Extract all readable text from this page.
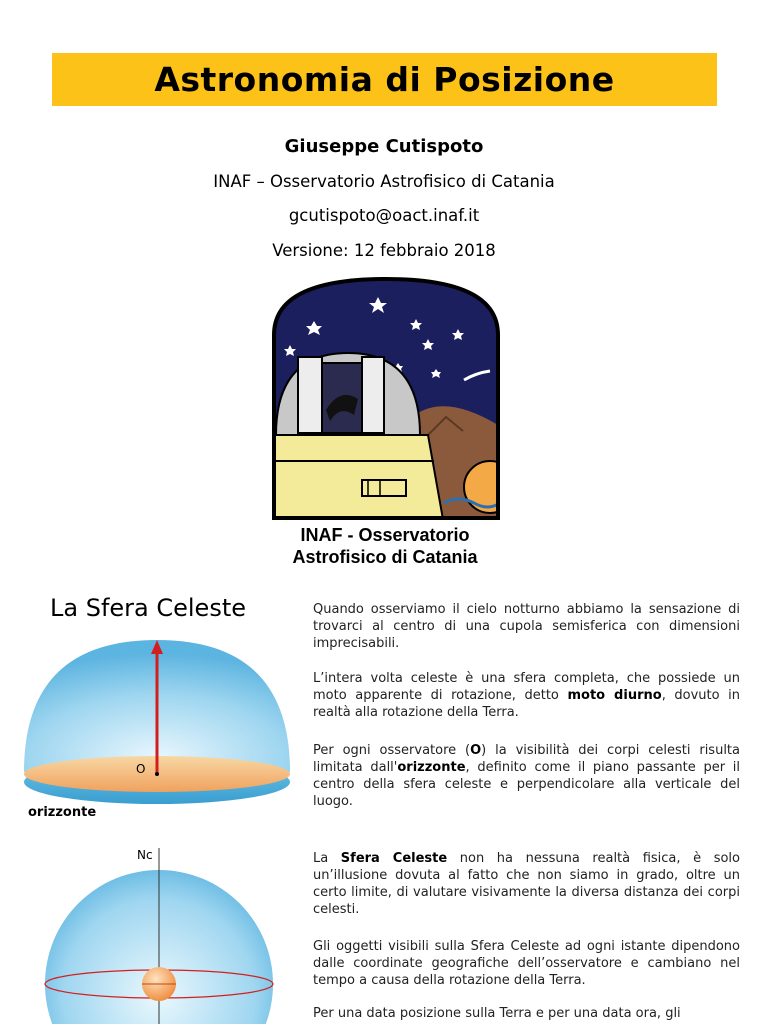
Astronomia di Posizione
Giuseppe Cutispoto
INAF – Osservatorio Astrofisico di Catania
gcutispoto@oact.inaf.it
Versione: 12 febbraio 2018
INAF - Osservatorio
Astrofisico di Catania
La Sfera Celeste
O
orizzonte
Nc
Quando osserviamo il cielo notturno abbiamo la sensazione di trovarci al centro di una cupola semisferica con dimensioni imprecisabili.
L’intera volta celeste è una sfera completa, che possiede un moto apparente di rotazione, detto moto diurno, dovuto in realtà alla rotazione della Terra.
Per ogni osservatore (O) la visibilità dei corpi celesti risulta limitata dall'orizzonte, definito come il piano passante per il centro della sfera celeste e perpendicolare alla verticale del luogo.
La Sfera Celeste non ha nessuna realtà fisica, è solo un’illusione dovuta al fatto che non siamo in grado, oltre un certo limite, di valutare visivamente la diversa distanza dei corpi celesti.
Gli oggetti visibili sulla Sfera Celeste ad ogni istante dipendono dalle coordinate geografiche dell’osservatore e cambiano nel tempo a causa della rotazione della Terra.
Per una data posizione sulla Terra e per una data ora, gli
